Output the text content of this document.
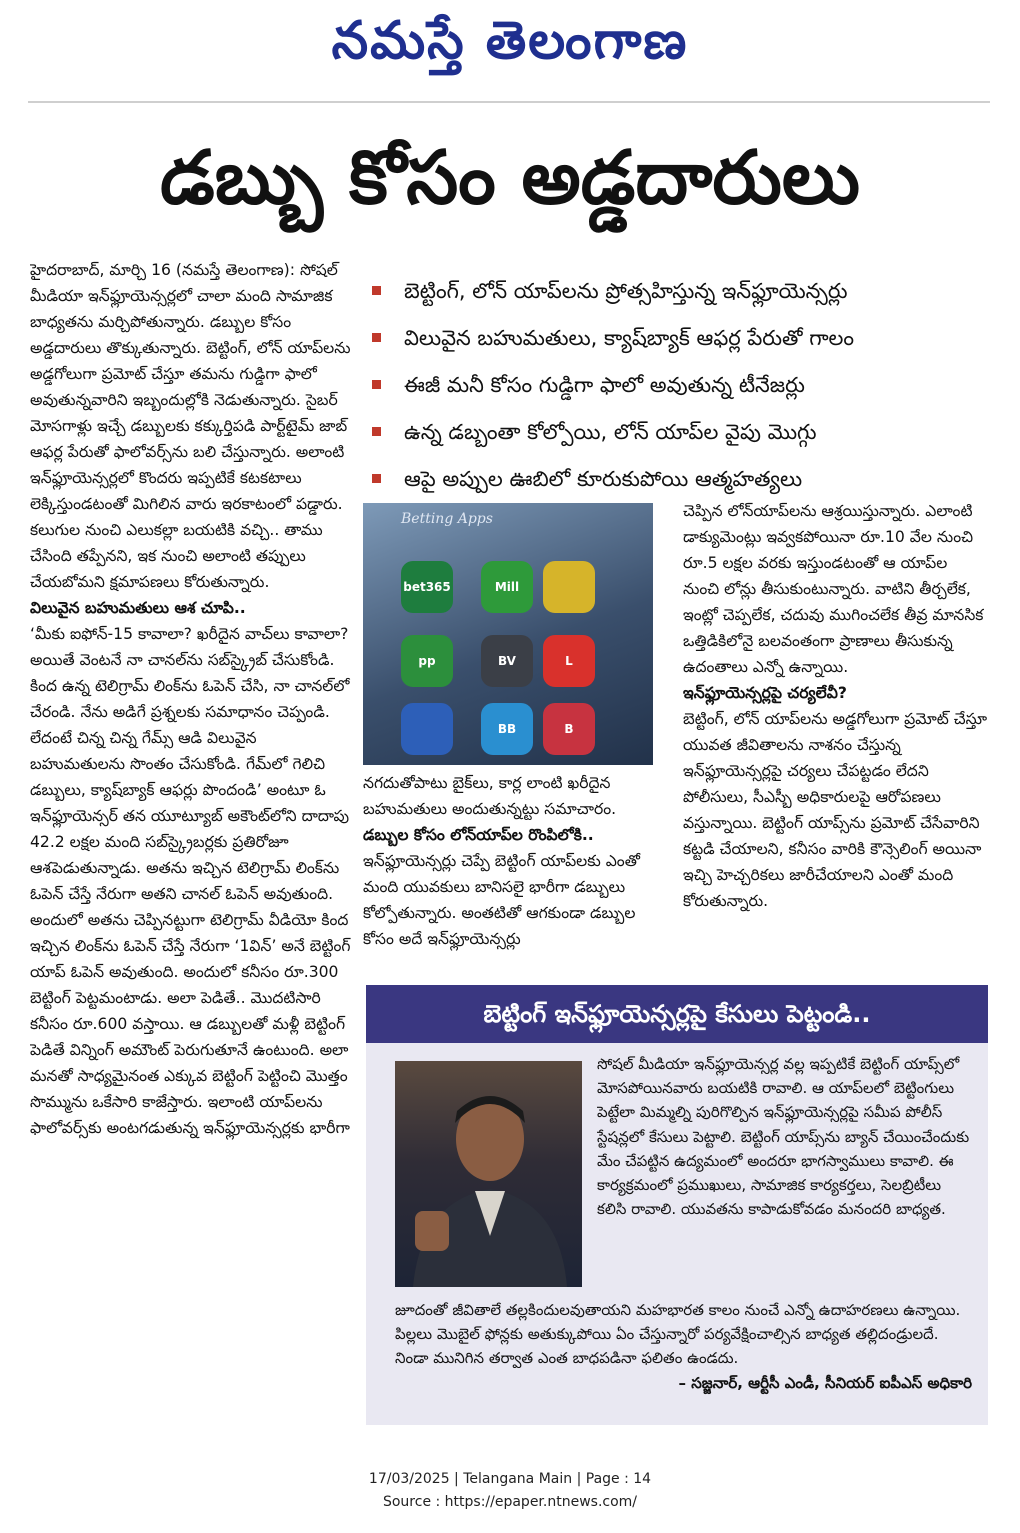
నమస్తే తెలంగాణ
డబ్బు కోసం అడ్డదారులు
బెట్టింగ్, లోన్ యాప్‌లను ప్రోత్సహిస్తున్న ఇన్‌ఫ్లూయెన్సర్లు
విలువైన బహుమతులు, క్యాష్‌బ్యాక్ ఆఫర్ల పేరుతో గాలం
ఈజీ మనీ కోసం గుడ్డిగా ఫాలో అవుతున్న టీనేజర్లు
ఉన్న డబ్బంతా కోల్పోయి, లోన్ యాప్‌ల వైపు మొగ్గు
ఆపై అప్పుల ఊబిలో కూరుకుపోయి ఆత్మహత్యలు

హైదరాబాద్, మార్చి 16 (నమస్తే తెలంగాణ): సోషల్ మీడియా ఇన్‌ఫ్లూయెన్సర్లలో చాలా మంది సామాజిక బాధ్యతను మర్చిపోతున్నారు. డబ్బుల కోసం అడ్డదారులు తొక్కుతున్నారు. బెట్టింగ్, లోన్ యాప్‌లను అడ్డగోలుగా ప్రమోట్ చేస్తూ తమను గుడ్డిగా ఫాలో అవుతున్నవారిని ఇబ్బందుల్లోకి నెడుతున్నారు. సైబర్ మోసగాళ్లు ఇచ్చే డబ్బులకు కక్కుర్తిపడి పార్ట్‌టైమ్ జాబ్ ఆఫర్ల పేరుతో ఫాలోవర్స్‌ను బలి చేస్తున్నారు. అలాంటి ఇన్‌ఫ్లూయెన్సర్లలో కొందరు ఇప్పటికే కటకటాలు లెక్కిస్తుండటంతో మిగిలిన వారు ఇరకాటంలో పడ్డారు. కలుగుల నుంచి ఎలుకల్లా బయటికి వచ్చి.. తాము చేసింది తప్పేనని, ఇక నుంచి అలాంటి తప్పులు చేయబోమని క్షమాపణలు కోరుతున్నారు.

విలువైన బహుమతులు ఆశ చూపి..

‘మీకు ఐఫోన్-15 కావాలా? ఖరీదైన వాచ్‌లు కావాలా? అయితే వెంటనే నా చానల్‌ను సబ్‌స్క్రైబ్ చేసుకోండి. కింద ఉన్న టెలిగ్రామ్ లింక్‌ను ఓపెన్ చేసి, నా చానల్‌లో చేరండి. నేను అడిగే ప్రశ్నలకు సమాధానం చెప్పండి. లేదంటే చిన్న చిన్న గేమ్స్ ఆడి విలువైన బహుమతులను సొంతం చేసుకోండి. గేమ్‌లో గెలిచి డబ్బులు, క్యాష్‌బ్యాక్ ఆఫర్లు పొందండి’ అంటూ ఓ ఇన్‌ఫ్లూయెన్సర్ తన యూట్యూబ్ అకౌంట్‌లోని దాదాపు 42.2 లక్షల మంది సబ్‌స్క్రైబర్లకు ప్రతిరోజూ ఆశపెడుతున్నాడు. అతను ఇచ్చిన టెలిగ్రామ్ లింక్‌ను ఓపెన్ చేస్తే నేరుగా అతని చానల్ ఓపెన్ అవుతుంది. అందులో అతను చెప్పినట్టుగా టెలిగ్రామ్ వీడియో కింద ఇచ్చిన లింక్‌ను ఓపెన్ చేస్తే నేరుగా ‘1విన్’ అనే బెట్టింగ్ యాప్ ఓపెన్ అవుతుంది. అందులో కనీసం రూ.300 బెట్టింగ్ పెట్టమంటాడు. అలా పెడితే.. మొదటిసారి కనీసం రూ.600 వస్తాయి. ఆ డబ్బులతో మళ్లీ బెట్టింగ్ పెడితే విన్నింగ్ అమౌంట్ పెరుగుతూనే ఉంటుంది. అలా మనతో సాధ్యమైనంత ఎక్కువ బెట్టింగ్ పెట్టించి మొత్తం సొమ్మును ఒకేసారి కాజేస్తారు. ఇలాంటి యాప్‌లను ఫాలోవర్స్‌కు అంటగడుతున్న ఇన్‌ఫ్లూయెన్సర్లకు భారీగా

Betting Apps
bet365	Mill
pp	BV	L
BB	B

నగదుతోపాటు బైక్‌లు, కార్ల లాంటి ఖరీదైన బహుమతులు అందుతున్నట్టు సమాచారం.

డబ్బుల కోసం లోన్‌యాప్‌ల రొంపిలోకి..

ఇన్‌ఫ్లూయెన్సర్లు చెప్పే బెట్టింగ్ యాప్‌లకు ఎంతో మంది యువకులు బానిసలై భారీగా డబ్బులు కోల్పోతున్నారు. అంతటితో ఆగకుండా డబ్బుల కోసం అదే ఇన్‌ఫ్లూయెన్సర్లు

చెప్పిన లోన్‌యాప్‌లను ఆశ్రయిస్తున్నారు. ఎలాంటి డాక్యుమెంట్లు ఇవ్వకపోయినా రూ.10 వేల నుంచి రూ.5 లక్షల వరకు ఇస్తుండటంతో ఆ యాప్‌ల నుంచి లోన్లు తీసుకుంటున్నారు. వాటిని తీర్చలేక, ఇంట్లో చెప్పలేక, చదువు ముగించలేక తీవ్ర మానసిక ఒత్తిడికిలోనై బలవంతంగా ప్రాణాలు తీసుకున్న ఉదంతాలు ఎన్నో ఉన్నాయి.

ఇన్‌ఫ్లూయెన్సర్లపై చర్యలేవీ?

బెట్టింగ్, లోన్ యాప్‌లను అడ్డగోలుగా ప్రమోట్ చేస్తూ యువత జీవితాలను నాశనం చేస్తున్న ఇన్‌ఫ్లూయెన్సర్లపై చర్యలు చేపట్టడం లేదని పోలీసులు, సీఎస్బీ అధికారులపై ఆరోపణలు వస్తున్నాయి. బెట్టింగ్ యాప్స్‌ను ప్రమోట్ చేసేవారిని కట్టడి చేయాలని, కనీసం వారికి కౌన్సెలింగ్ అయినా ఇచ్చి హెచ్చరికలు జారీచేయాలని ఎంతో మంది కోరుతున్నారు.

బెట్టింగ్ ఇన్‌ఫ్లూయెన్సర్లపై కేసులు పెట్టండి..

సోషల్ మీడియా ఇన్‌ఫ్లూయెన్సర్ల వల్ల ఇప్పటికే బెట్టింగ్ యాప్స్‌లో మోసపోయినవారు బయటికి రావాలి. ఆ యాప్‌లలో బెట్టింగులు పెట్టేలా మిమ్మల్ని పురిగొల్పిన ఇన్‌ఫ్లూయెన్సర్లపై సమీప పోలీస్ స్టేషన్లలో కేసులు పెట్టాలి. బెట్టింగ్ యాప్స్‌ను బ్యాన్ చేయించేందుకు మేం చేపట్టిన ఉద్యమంలో అందరూ భాగస్వాములు కావాలి. ఈ కార్యక్రమంలో ప్రముఖులు, సామాజిక కార్యకర్తలు, సెలబ్రిటీలు కలిసి రావాలి. యువతను కాపాడుకోవడం మనందరి బాధ్యత.

జూదంతో జీవితాలే తల్లకిందులవుతాయని మహభారత కాలం నుంచే ఎన్నో ఉదాహరణలు ఉన్నాయి. పిల్లలు మొబైల్ ఫోన్లకు అతుక్కుపోయి ఏం చేస్తున్నారో పర్యవేక్షించాల్సిన బాధ్యత తల్లిదండ్రులదే. నిండా మునిగిన తర్వాత ఎంత బాధపడినా ఫలితం ఉండదు.

– సజ్జనార్, ఆర్టీసీ ఎండీ, సీనియర్ ఐపీఎస్ అధికారి

17/03/2025 | Telangana Main | Page : 14
Source : https://epaper.ntnews.com/
